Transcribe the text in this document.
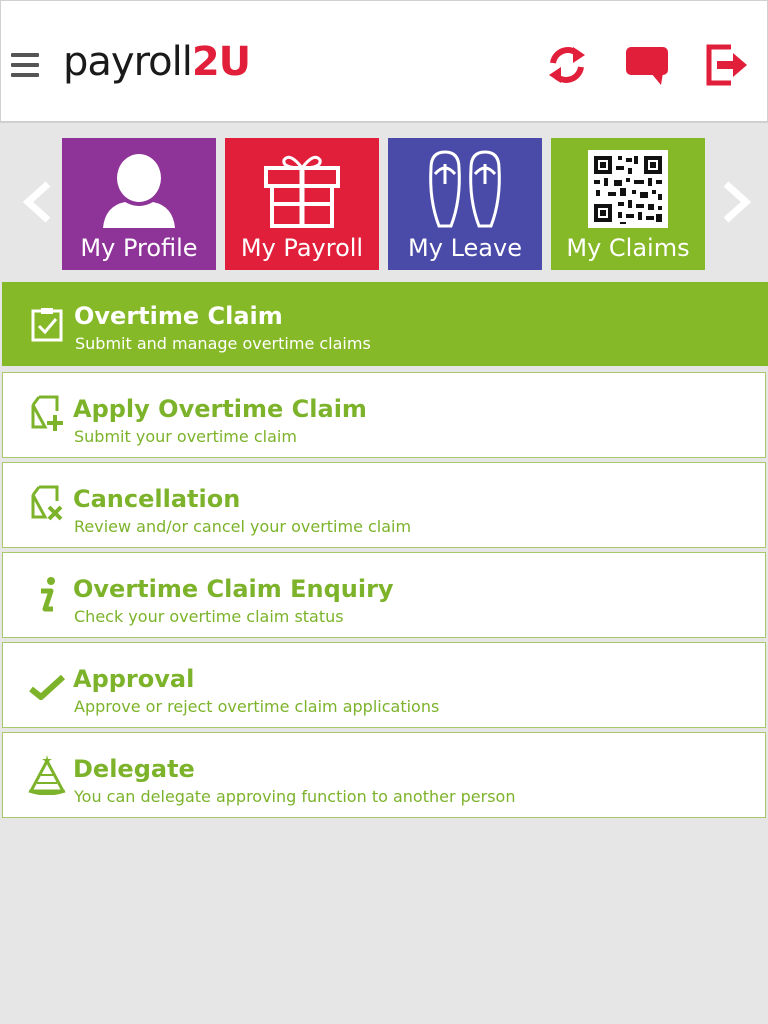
payroll2U
My Profile	My Payroll	My Leave	My Claims
Overtime Claim
Submit and manage overtime claims
Apply Overtime Claim
Submit your overtime claim
Cancellation
Review and/or cancel your overtime claim
Overtime Claim Enquiry
Check your overtime claim status
Approval
Approve or reject overtime claim applications
Delegate
You can delegate approving function to another person
